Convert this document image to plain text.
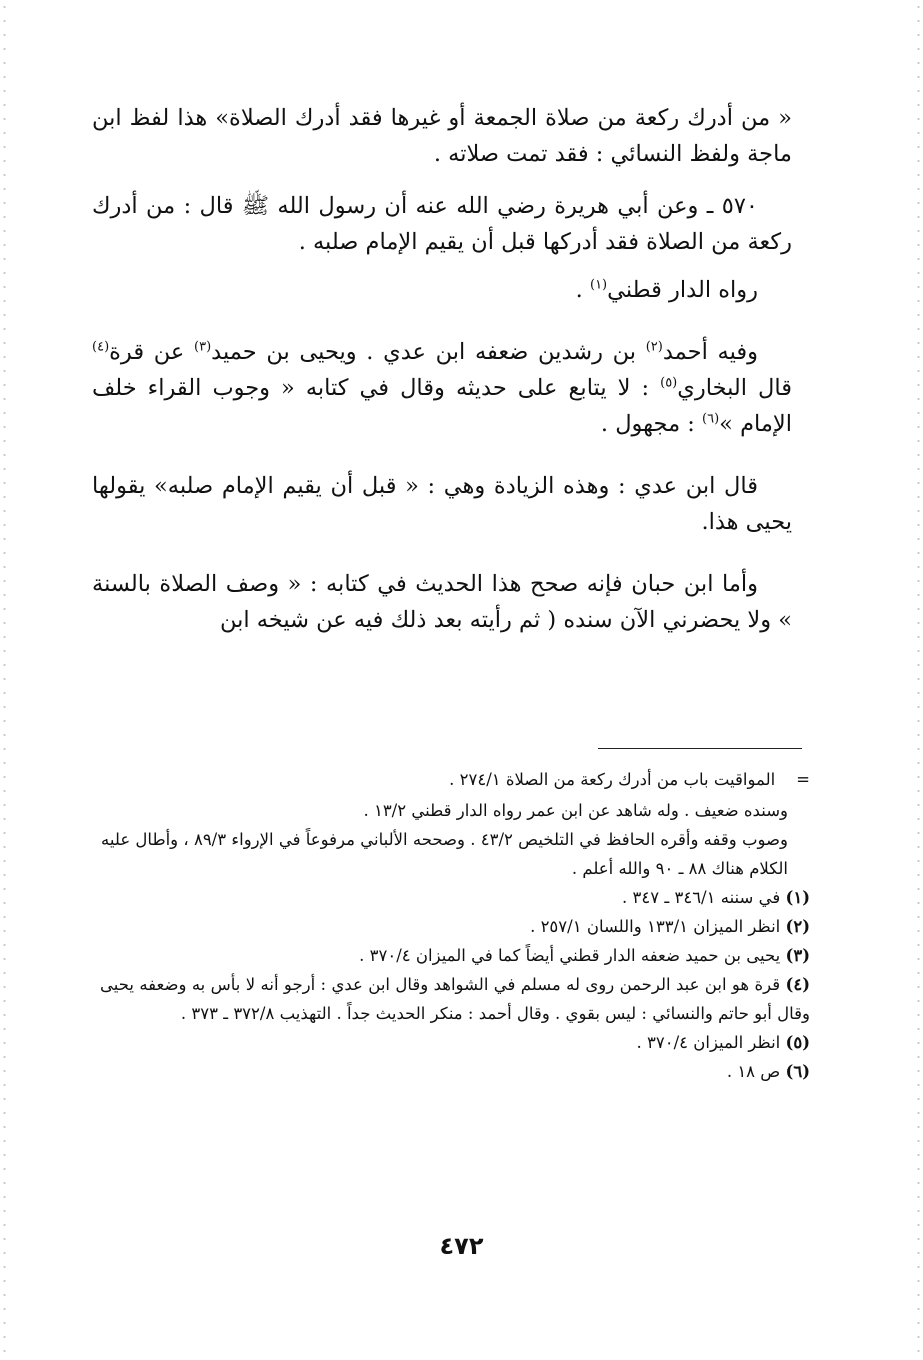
« من أدرك ركعة من صلاة الجمعة أو غيرها فقد أدرك الصلاة» هذا لفظ ابن ماجة ولفظ النسائي : فقد تمت صلاته .

٥٧٠ ـ وعن أبي هريرة رضي الله عنه أن رسول الله ﷺ قال : من أدرك ركعة من الصلاة فقد أدركها قبل أن يقيم الإمام صلبه .

رواه الدار قطني$^{(١)}$ .

وفيه أحمد$^{(٢)}$ بن رشدين ضعفه ابن عدي . ويحيى بن حميد$^{(٣)}$ عن قرة$^{(٤)}$ قال البخاري$^{(٥)}$ : لا يتابع على حديثه وقال في كتابه « وجوب القراء خلف الإمام »$^{(٦)}$ : مجهول .

قال ابن عدي : وهذه الزيادة وهي : « قبل أن يقيم الإمام صلبه» يقولها يحيى هذا.

وأما ابن حبان فإنه صحح هذا الحديث في كتابه : « وصف الصلاة بالسنة » ولا يحضرني الآن سنده ( ثم رأيته بعد ذلك فيه عن شيخه ابن

=    المواقيت باب من أدرك ركعة من الصلاة ٢٧٤/١ .

وسنده ضعيف . وله شاهد عن ابن عمر رواه الدار قطني ١٣/٢ .

وصوب وقفه وأقره الحافظ في التلخيص ٤٣/٢ . وصححه الألباني مرفوعاً في الإرواء ٨٩/٣ ، وأطال عليه الكلام هناك ٨٨ ـ ٩٠ والله أعلم .

(١) في سننه ٣٤٦/١ ـ ٣٤٧ .

(٢) انظر الميزان ١٣٣/١ واللسان ٢٥٧/١ .

(٣) يحيى بن حميد ضعفه الدار قطني أيضاً كما في الميزان ٣٧٠/٤ .

(٤) قرة هو ابن عبد الرحمن روى له مسلم في الشواهد وقال ابن عدي : أرجو أنه لا بأس به وضعفه يحيى وقال أبو حاتم والنسائي : ليس بقوي . وقال أحمد : منكر الحديث جداً . التهذيب ٣٧٢/٨ ـ ٣٧٣ .

(٥) انظر الميزان ٣٧٠/٤ .

(٦) ص ١٨ .

٤٧٢
